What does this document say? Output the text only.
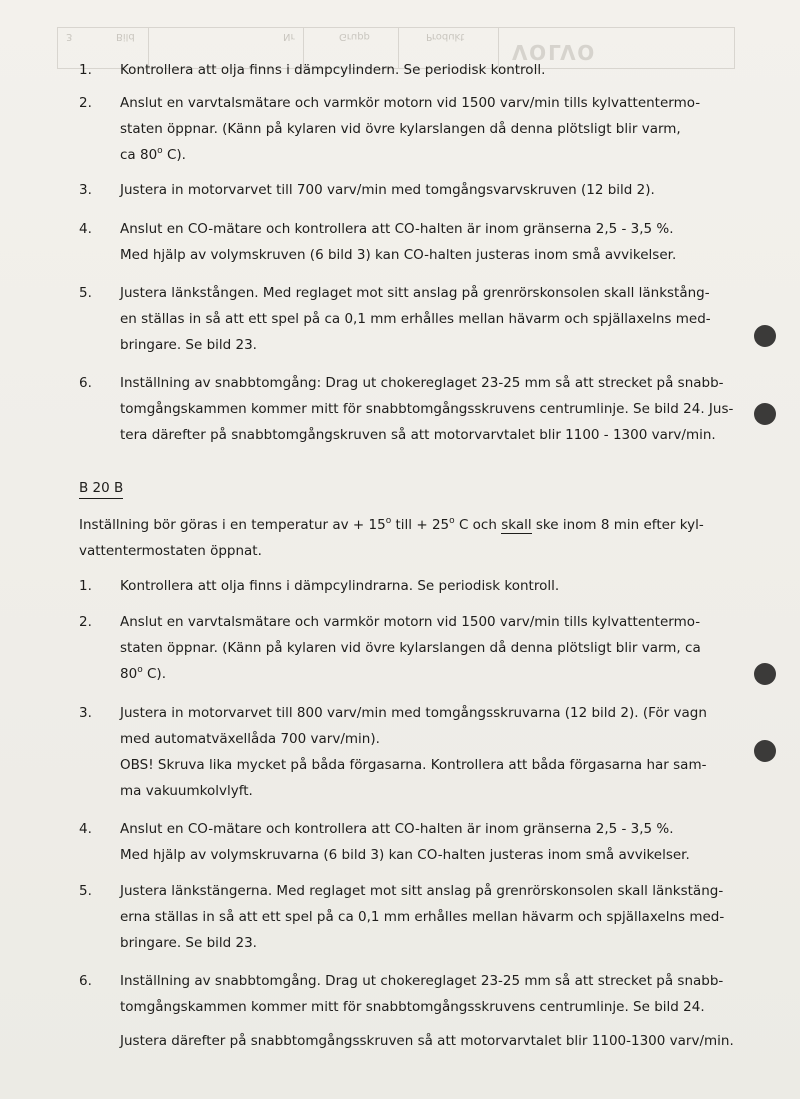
3	Bild	Nr	Grupp	Produkt
VOLVO
1. Kontrollera att olja finns i dämpcylindern. Se periodisk kontroll.
2. Anslut en varvtalsmätare och varmkör motorn vid 1500 varv/min tills kylvattentermo-
staten öppnar. (Känn på kylaren vid övre kylarslangen då denna plötsligt blir varm,
ca 80$^o$ C).
3. Justera in motorvarvet till 700 varv/min med tomgångsvarvskruven (12 bild 2).
4. Anslut en CO-mätare och kontrollera att CO-halten är inom gränserna 2,5 - 3,5 %.
Med hjälp av volymskruven (6 bild 3) kan CO-halten justeras inom små avvikelser.
5. Justera länkstången. Med reglaget mot sitt anslag på grenrörskonsolen skall länkstång-
en ställas in så att ett spel på ca 0,1 mm erhålles mellan hävarm och spjällaxelns med-
bringare. Se bild 23.
6. Inställning av snabbtomgång: Drag ut chokereglaget 23-25 mm så att strecket på snabb-
tomgångskammen kommer mitt för snabbtomgångsskruvens centrumlinje. Se bild 24. Jus-
tera därefter på snabbtomgångskruven så att motorvarvtalet blir 1100 - 1300 varv/min.
B 20 B
Inställning bör göras i en temperatur av + $15^o$ till + $25^o$ C och skall ske inom 8 min efter kyl-
vattentermostaten öppnat.
1. Kontrollera att olja finns i dämpcylindrarna. Se periodisk kontroll.
2. Anslut en varvtalsmätare och varmkör motorn vid 1500 varv/min tills kylvattentermo-
staten öppnar. (Känn på kylaren vid övre kylarslangen då denna plötsligt blir varm, ca
80$^o$ C).
3. Justera in motorvarvet till 800 varv/min med tomgångsskruvarna (12 bild 2). (För vagn
med automatväxellåda 700 varv/min).
OBS! Skruva lika mycket på båda förgasarna. Kontrollera att båda förgasarna har sam-
ma vakuumkolvlyft.
4. Anslut en CO-mätare och kontrollera att CO-halten är inom gränserna 2,5 - 3,5 %.
Med hjälp av volymskruvarna (6 bild 3) kan CO-halten justeras inom små avvikelser.
5. Justera länkstängerna. Med reglaget mot sitt anslag på grenrörskonsolen skall länkstäng-
erna ställas in så att ett spel på ca 0,1 mm erhålles mellan hävarm och spjällaxelns med-
bringare. Se bild 23.
6. Inställning av snabbtomgång. Drag ut chokereglaget 23-25 mm så att strecket på snabb-
tomgångskammen kommer mitt för snabbtomgångsskruvens centrumlinje. Se bild 24.
Justera därefter på snabbtomgångsskruven så att motorvarvtalet blir 1100-1300 varv/min.
